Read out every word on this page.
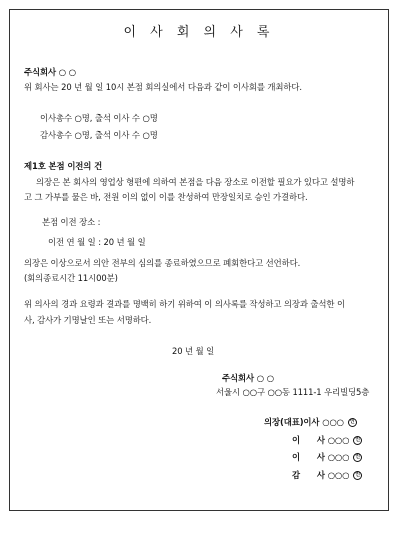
이 사 회 의 사 록
주식회사 ○ ○
위 회사는 20 년 월 일 10시 본점 회의실에서 다음과 같이 이사회를 개최하다.
이사총수 ○명, 출석 이사 수 ○명
감사총수 ○명, 출석 이사 수 ○명
제1호 본점 이전의 건
의장은 본 회사의 영업상 형편에 의하여 본점을 다음 장소로 이전할 필요가 있다고 설명하
고 그 가부를 물은 바, 전원 이의 없이 이를 찬성하여 만장일치로 승인 가결하다.
본점 이전 장소 :
이전 연 월 일 : 20 년 월 일
의장은 이상으로서 의안 전부의 심의를 종료하였으므로 폐회한다고 선언하다.
(회의종료시간 11시00분)
위 의사의 경과 요령과 결과를 명백히 하기 위하여 이 의사록를 작성하고 의장과 출석한 이
사, 감사가 기명날인 또는 서명하다.
20 년 월 일
주식회사 ○ ○
서울시 ○○구 ○○동 1111-1 우리빌딩5층
의장(대표)이사 ○○○ 인
이      사 ○○○ 인
이      사 ○○○ 인
감      사 ○○○ 인
